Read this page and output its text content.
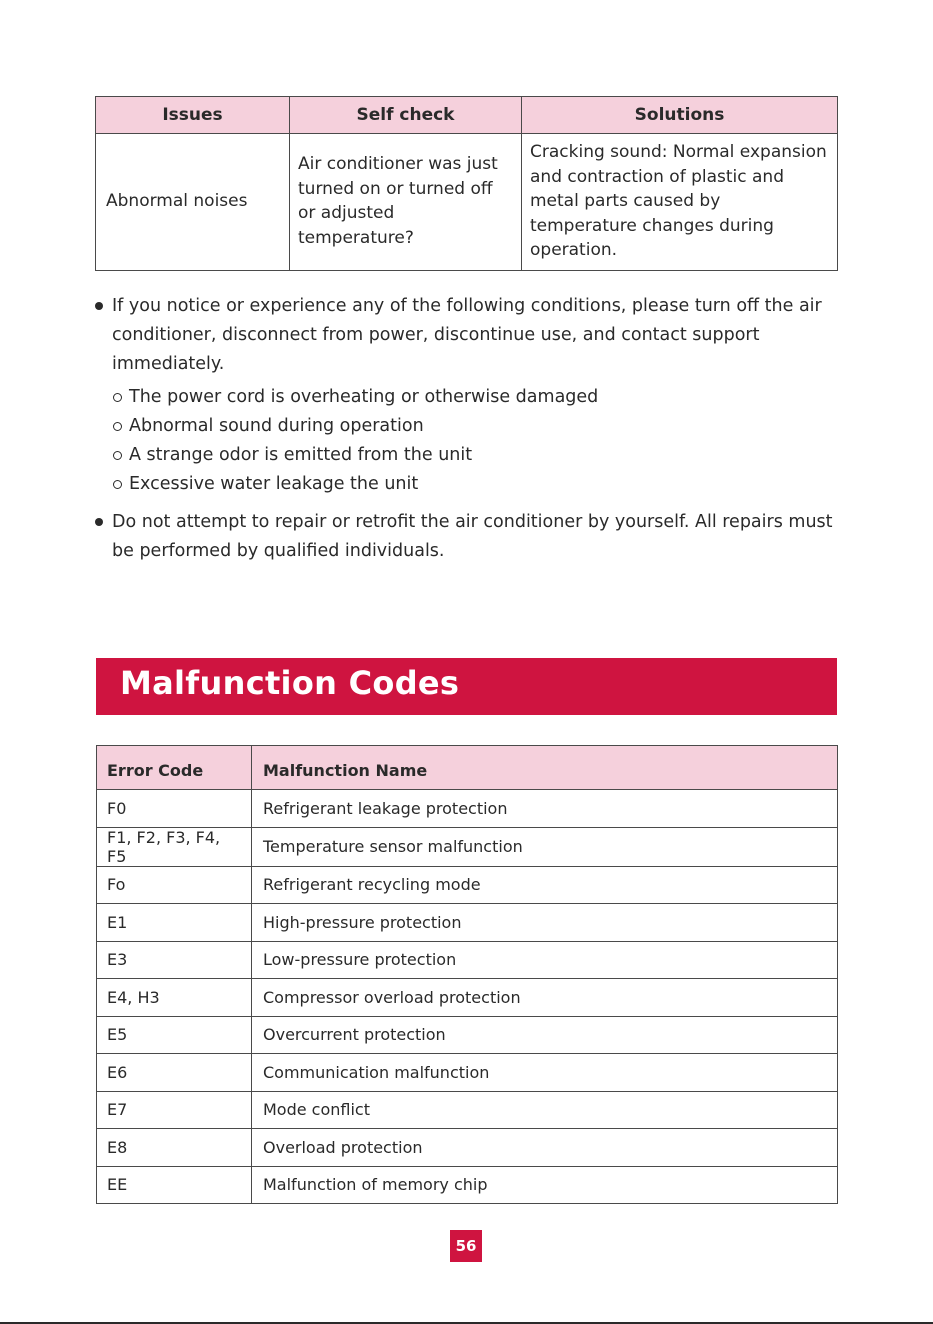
Issues	Self check	Solutions
Abnormal noises	Air conditioner was just turned on or turned off or adjusted temperature?	Cracking sound: Normal expansion and contraction of plastic and metal parts caused by temperature changes during operation.
If you notice or experience any of the following conditions, please turn off the air conditioner, disconnect from power, discontinue use, and contact support immediately.
The power cord is overheating or otherwise damaged
Abnormal sound during operation
A strange odor is emitted from the unit
Excessive water leakage the unit
Do not attempt to repair or retrofit the air conditioner by yourself. All repairs must be performed by qualified individuals.
Malfunction Codes
Error Code	Malfunction Name
F0	Refrigerant leakage protection
F1, F2, F3, F4, F5	Temperature sensor malfunction
Fo	Refrigerant recycling mode
E1	High-pressure protection
E3	Low-pressure protection
E4, H3	Compressor overload protection
E5	Overcurrent protection
E6	Communication malfunction
E7	Mode conflict
E8	Overload protection
EE	Malfunction of memory chip
56
